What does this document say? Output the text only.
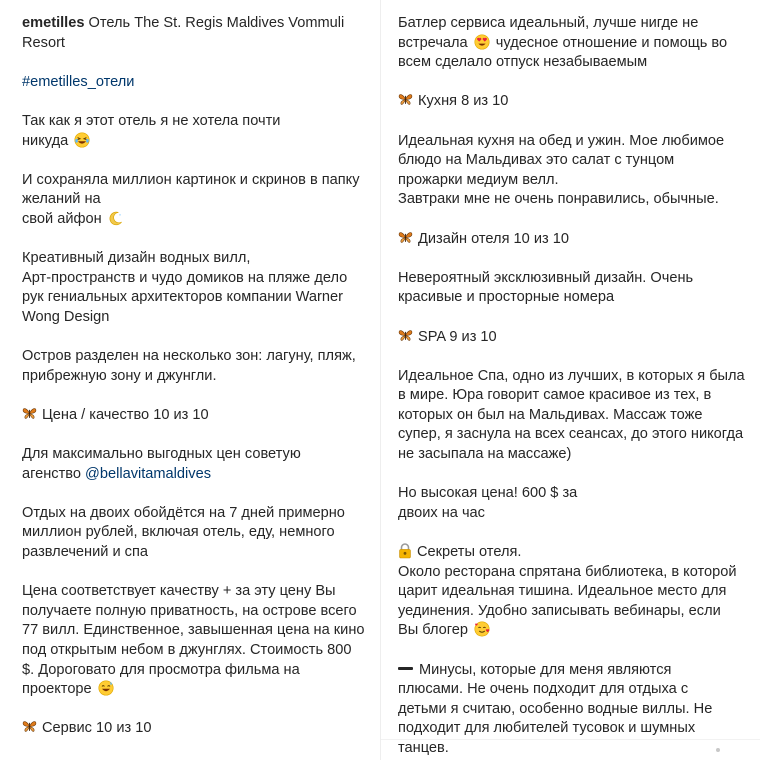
emetilles Отель The St. Regis Maldives Vommuli
Resort
#emetilles_отели
Так как я этот отель я не хотела почти
никуда
И сохраняла миллион картинок и скринов в папку
желаний на
свой айфон
Креативный дизайн водных вилл,
Арт-пространств и чудо домиков на пляже дело
рук гениальных архитекторов компании Warner
Wong Design
Остров разделен на несколько зон: лагуну, пляж,
прибрежную зону и джунгли.
Цена / качество 10 из 10
Для максимально выгодных цен советую
агенство @bellavitamaldives
Отдых на двоих обойдётся на 7 дней примерно
миллион рублей, включая отель, еду, немного
развлечений и спа
Цена соответствует качеству + за эту цену Вы
получаете полную приватность, на острове всего
77 вилл. Единственное, завышенная цена на кино
под открытым небом в джунглях. Стоимость 800
$. Дороговато для просмотра фильма на
проекторе
Сервис 10 из 10
Батлер сервиса идеальный, лучше нигде не
встречала  чудесное отношение и помощь во
всем сделало отпуск незабываемым
Кухня 8 из 10
Идеальная кухня на обед и ужин. Мое любимое
блюдо на Мальдивах это салат с тунцом
прожарки медиум велл.
Завтраки мне не очень понравились, обычные.
Дизайн отеля 10 из 10
Невероятный эксклюзивный дизайн. Очень
красивые и просторные номера
SPA 9 из 10
Идеальное Спа, одно из лучших, в которых я была
в мире. Юра говорит самое красивое из тех, в
которых он был на Мальдивах. Массаж тоже
супер, я заснула на всех сеансах, до этого никогда
не засыпала на массаже)
Но высокая цена! 600 $ за
двоих на час
Секреты отеля.
Около ресторана спрятана библиотека, в которой
царит идеальная тишина. Идеальное место для
уединения. Удобно записывать вебинары, если
Вы блогер
Минусы, которые для меня являются
плюсами. Не очень подходит для отдыха с
детьми я считаю, особенно водные виллы. Не
подходит для любителей тусовок и шумных
танцев.
